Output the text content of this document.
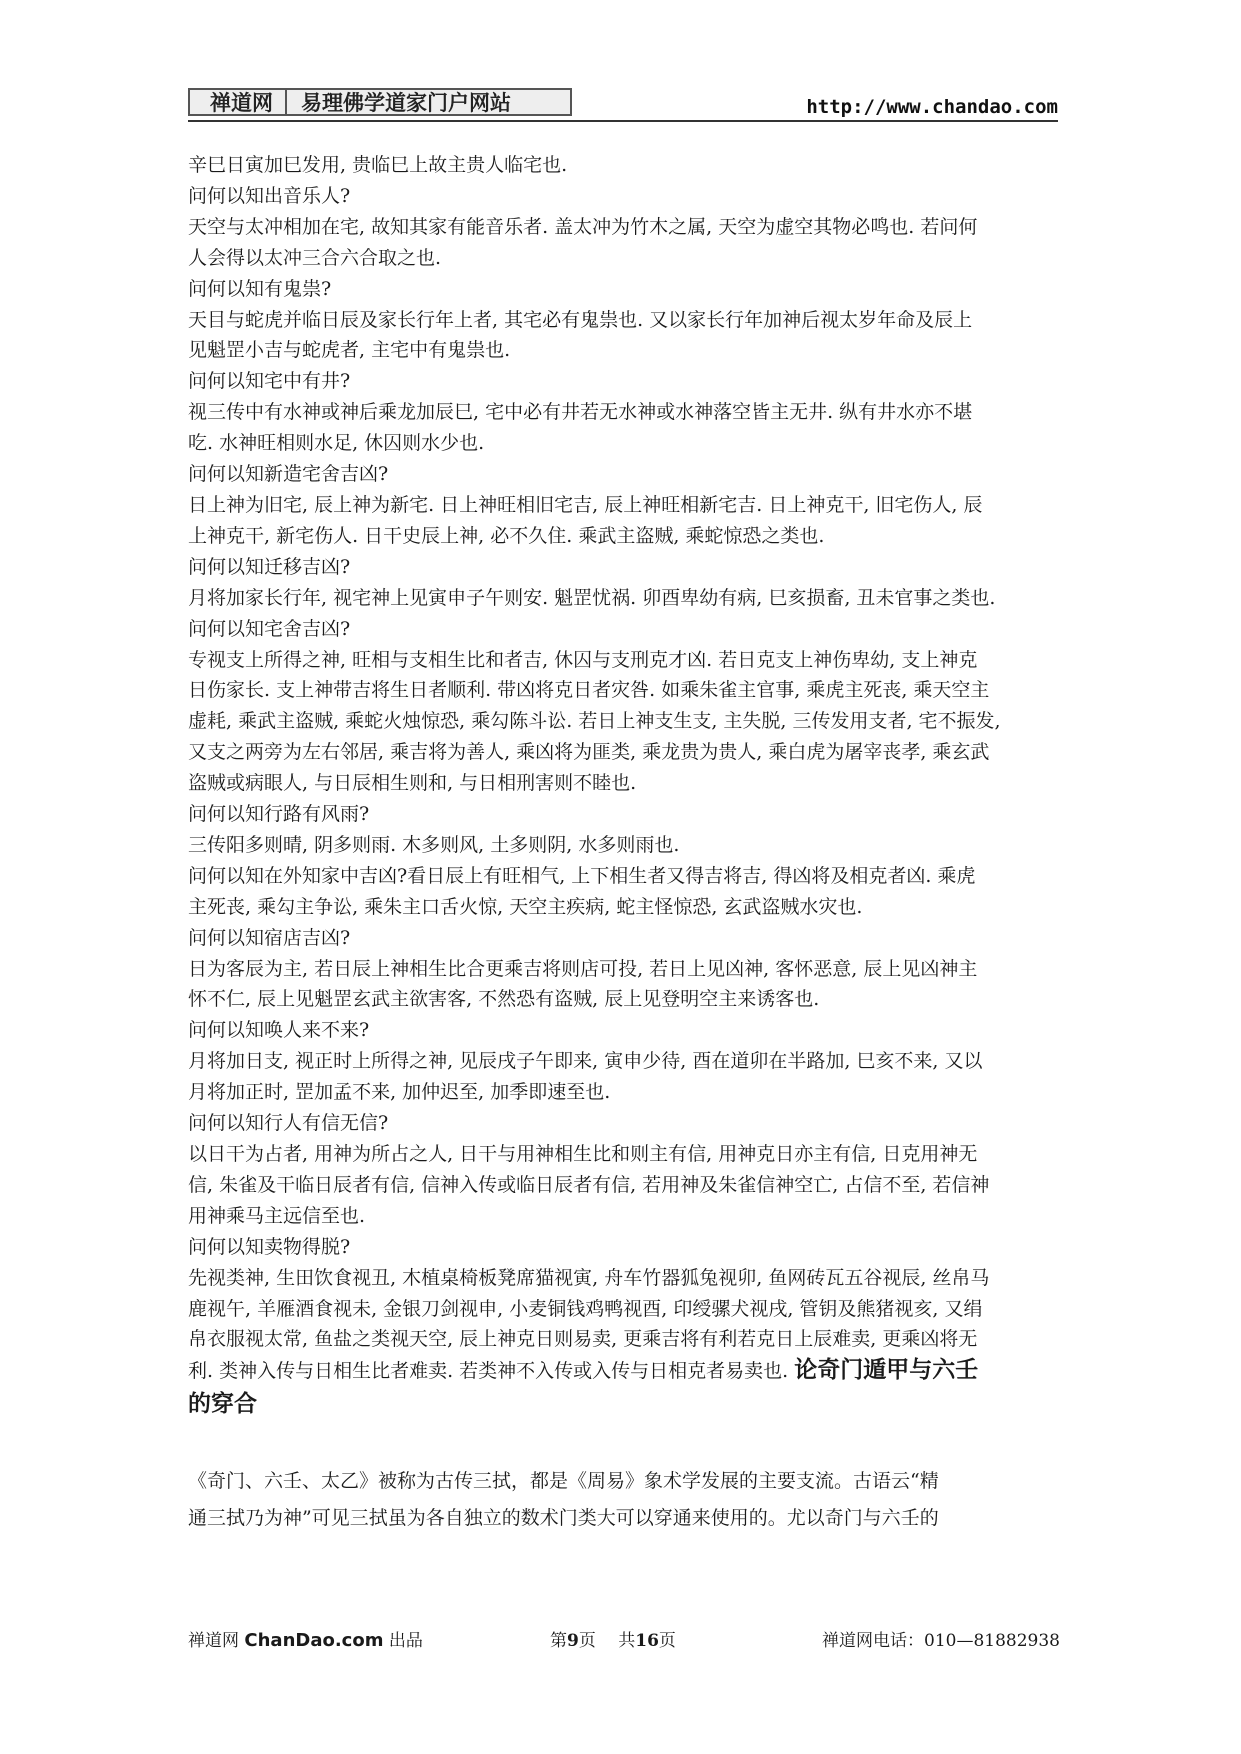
禅道网	易理佛学道家门户网站	http://www.chandao.com

辛巳日寅加巳发用, 贵临巳上故主贵人临宅也.

问何以知出音乐人?

天空与太冲相加在宅, 故知其家有能音乐者. 盖太冲为竹木之属, 天空为虚空其物必鸣也. 若问何

人会得以太冲三合六合取之也.

问何以知有鬼祟?

天目与蛇虎并临日辰及家长行年上者, 其宅必有鬼祟也. 又以家长行年加神后视太岁年命及辰上

见魁罡小吉与蛇虎者, 主宅中有鬼祟也.

问何以知宅中有井?

视三传中有水神或神后乘龙加辰巳, 宅中必有井若无水神或水神落空皆主无井. 纵有井水亦不堪

吃. 水神旺相则水足, 休囚则水少也.

问何以知新造宅舍吉凶?

日上神为旧宅, 辰上神为新宅. 日上神旺相旧宅吉, 辰上神旺相新宅吉. 日上神克干, 旧宅伤人, 辰

上神克干, 新宅伤人. 日干史辰上神, 必不久住. 乘武主盗贼, 乘蛇惊恐之类也.

问何以知迁移吉凶?

月将加家长行年, 视宅神上见寅申子午则安. 魁罡忧祸. 卯酉卑幼有病, 巳亥损畜, 丑未官事之类也.

问何以知宅舍吉凶?

专视支上所得之神, 旺相与支相生比和者吉, 休囚与支刑克才凶. 若日克支上神伤卑幼, 支上神克

日伤家长. 支上神带吉将生日者顺利. 带凶将克日者灾咎. 如乘朱雀主官事, 乘虎主死丧, 乘天空主

虚耗, 乘武主盗贼, 乘蛇火烛惊恐, 乘勾陈斗讼. 若日上神支生支, 主失脱, 三传发用支者, 宅不振发,

又支之两旁为左右邻居, 乘吉将为善人, 乘凶将为匪类, 乘龙贵为贵人, 乘白虎为屠宰丧孝, 乘玄武

盗贼或病眼人, 与日辰相生则和, 与日相刑害则不睦也.

问何以知行路有风雨?

三传阳多则晴, 阴多则雨. 木多则风, 土多则阴, 水多则雨也.

问何以知在外知家中吉凶?看日辰上有旺相气, 上下相生者又得吉将吉, 得凶将及相克者凶. 乘虎

主死丧, 乘勾主争讼, 乘朱主口舌火惊, 天空主疾病, 蛇主怪惊恐, 玄武盗贼水灾也.

问何以知宿店吉凶?

日为客辰为主, 若日辰上神相生比合更乘吉将则店可投, 若日上见凶神, 客怀恶意, 辰上见凶神主

怀不仁, 辰上见魁罡玄武主欲害客, 不然恐有盗贼, 辰上见登明空主来诱客也.

问何以知唤人来不来?

月将加日支, 视正时上所得之神, 见辰戌子午即来, 寅申少待, 酉在道卯在半路加, 巳亥不来, 又以

月将加正时, 罡加孟不来, 加仲迟至, 加季即速至也.

问何以知行人有信无信?

以日干为占者, 用神为所占之人, 日干与用神相生比和则主有信, 用神克日亦主有信, 日克用神无

信, 朱雀及干临日辰者有信, 信神入传或临日辰者有信, 若用神及朱雀信神空亡, 占信不至, 若信神

用神乘马主远信至也.

问何以知卖物得脱?

先视类神, 生田饮食视丑, 木植桌椅板凳席猫视寅, 舟车竹器狐兔视卯, 鱼网砖瓦五谷视辰, 丝帛马

鹿视午, 羊雁酒食视未, 金银刀剑视申, 小麦铜钱鸡鸭视酉, 印绶骡犬视戌, 管钥及熊猪视亥, 又绢

帛衣服视太常, 鱼盐之类视天空, 辰上神克日则易卖, 更乘吉将有利若克日上辰难卖, 更乘凶将无

利. 类神入传与日相生比者难卖. 若类神不入传或入传与日相克者易卖也. 论奇门遁甲与六壬

的穿合

《奇门、六壬、太乙》被称为古传三拭，都是《周易》象术学发展的主要支流。古语云“精

通三拭乃为神”可见三拭虽为各自独立的数术门类大可以穿通来使用的。尤以奇门与六壬的

禅道网 ChanDao.com 出品	第9页　 共16页	禅道网电话：010—81882938
